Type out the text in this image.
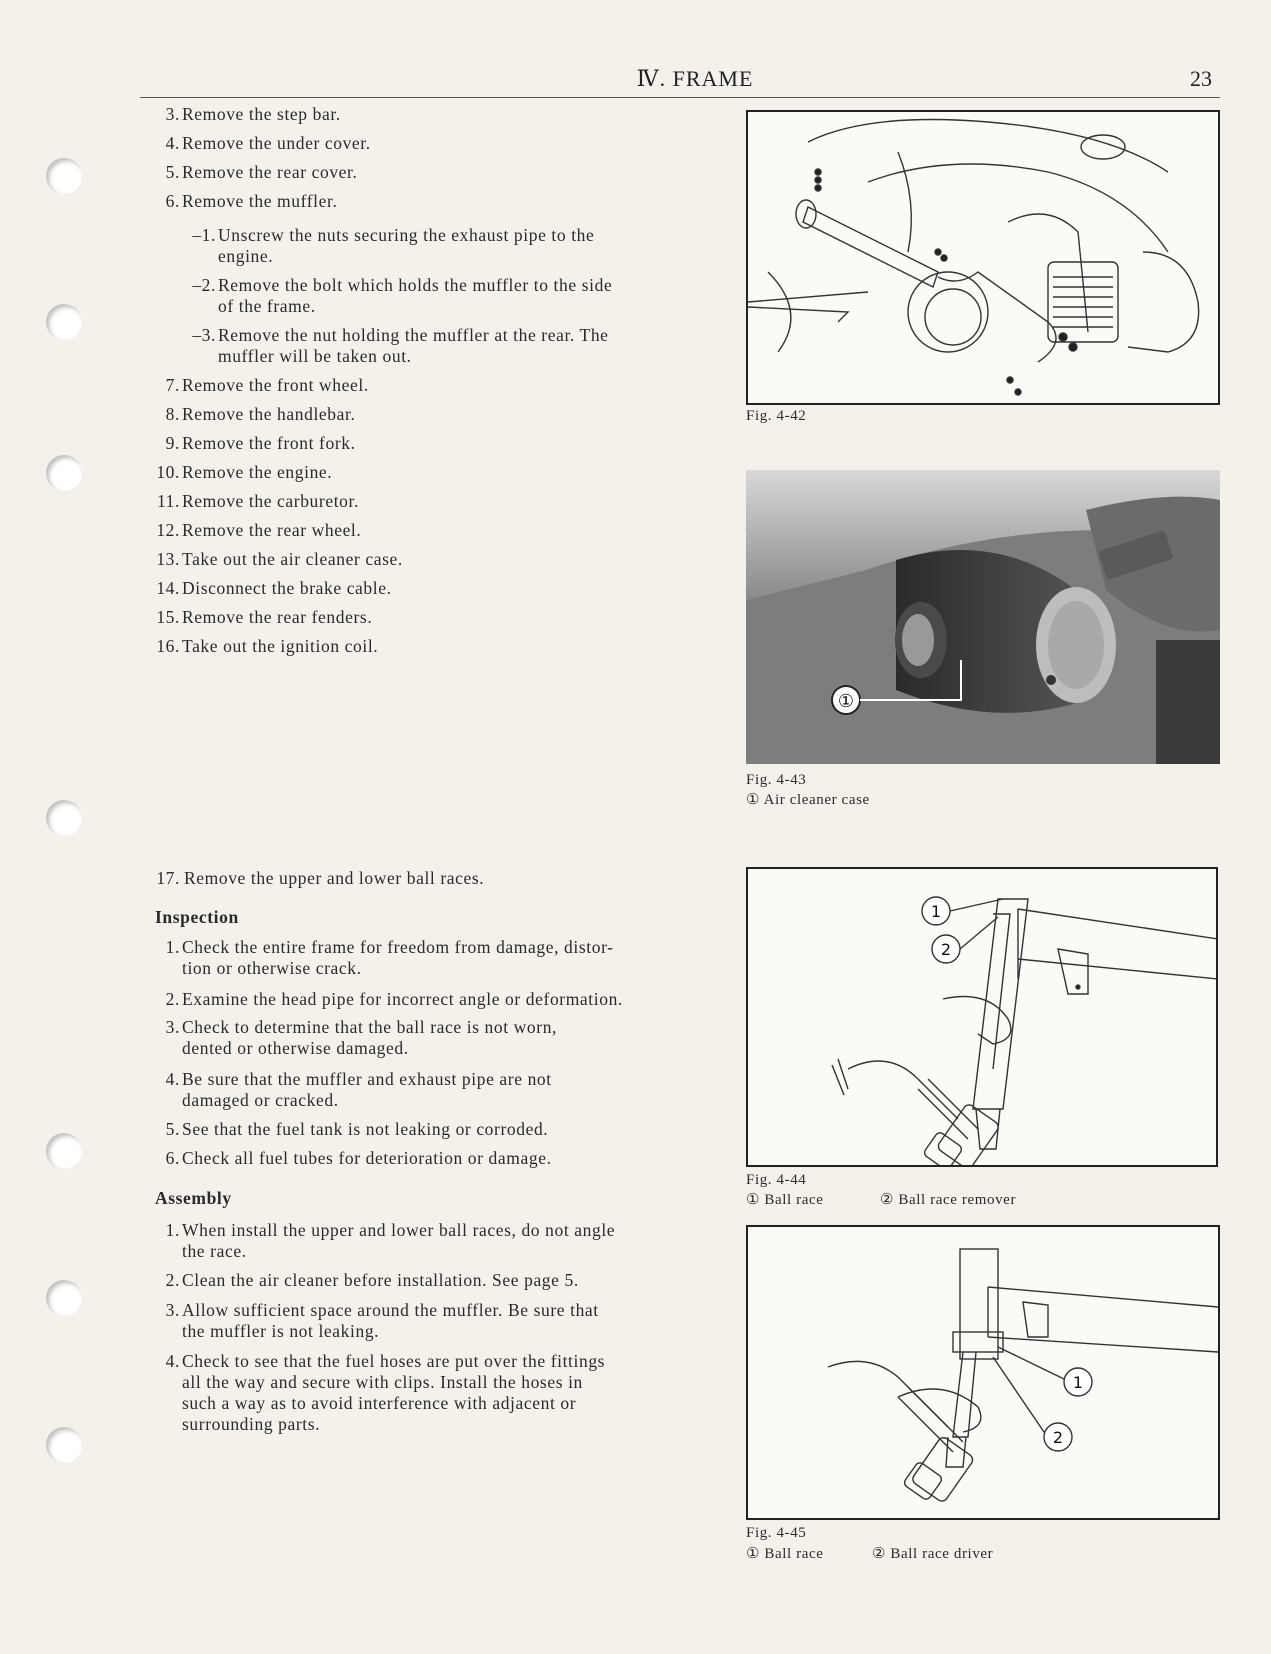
Ⅳ. FRAME	23
3. Remove the step bar.
4. Remove the under cover.
5. Remove the rear cover.
6. Remove the muffler.
–1. Unscrew the nuts securing the exhaust pipe to the
engine.
–2. Remove the bolt which holds the muffler to the side
of the frame.
–3. Remove the nut holding the muffler at the rear. The
muffler will be taken out.
7. Remove the front wheel.
8. Remove the handlebar.
9. Remove the front fork.
10. Remove the engine.
11. Remove the carburetor.
12. Remove the rear wheel.
13. Take out the air cleaner case.
14. Disconnect the brake cable.
15. Remove the rear fenders.
16. Take out the ignition coil.
17. Remove the upper and lower ball races.
Inspection
1. Check the entire frame for freedom from damage, distor-
tion or otherwise crack.
2. Examine the head pipe for incorrect angle or deformation.
3. Check to determine that the ball race is not worn,
dented or otherwise damaged.
4. Be sure that the muffler and exhaust pipe are not
damaged or cracked.
5. See that the fuel tank is not leaking or corroded.
6. Check all fuel tubes for deterioration or damage.
Assembly
1. When install the upper and lower ball races, do not angle
the race.
2. Clean the air cleaner before installation. See page 5.
3. Allow sufficient space around the muffler. Be sure that
the muffler is not leaking.
4. Check to see that the fuel hoses are put over the fittings
all the way and secure with clips. Install the hoses in
such a way as to avoid interference with adjacent or
surrounding parts.
Fig. 4-42
①
Fig. 4-43
① Air cleaner case
1
2
Fig. 4-44
① Ball race	② Ball race remover
1
2
Fig. 4-45
① Ball race	② Ball race driver
